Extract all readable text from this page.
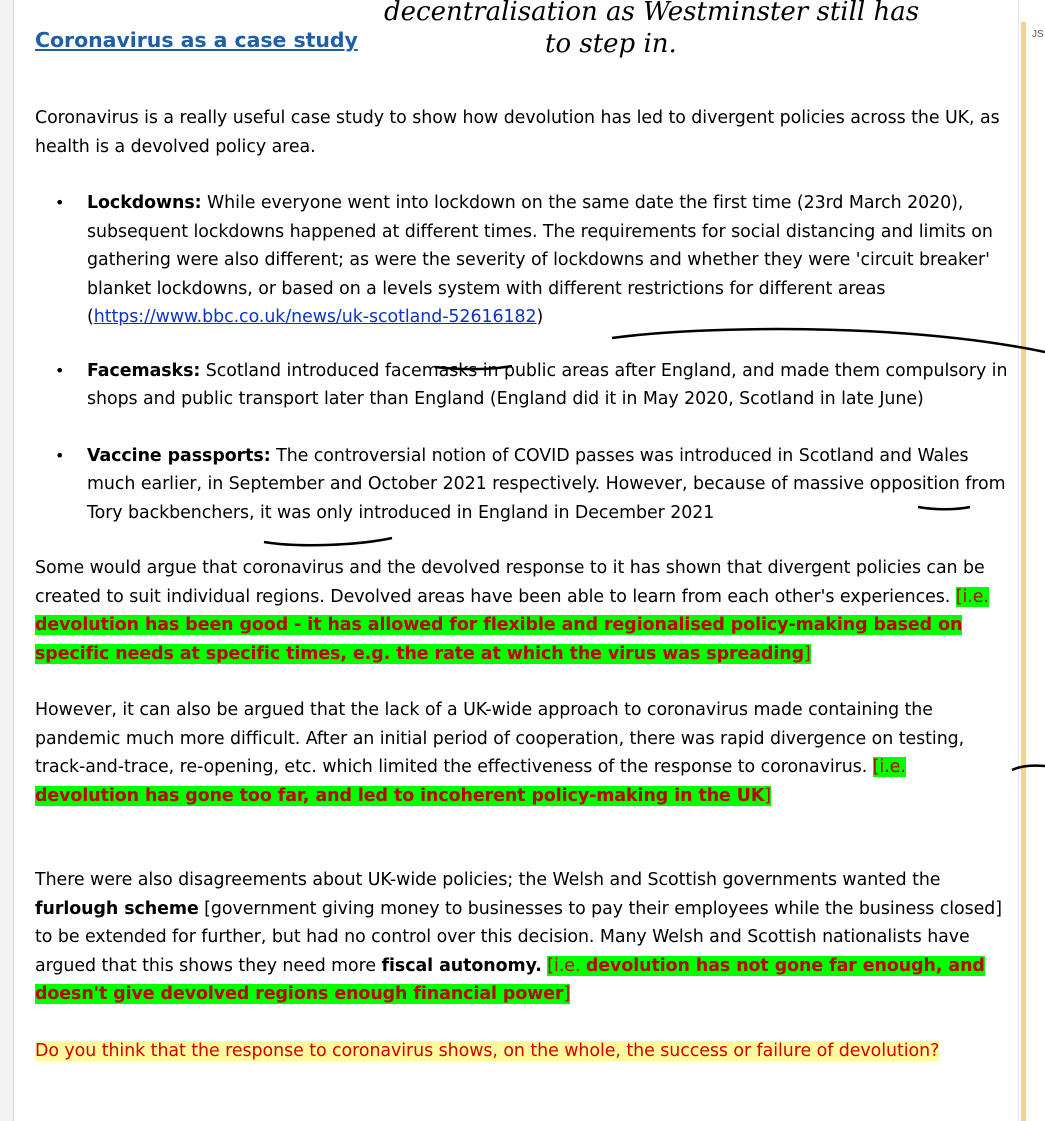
JS

Coronavirus as a case study

Coronavirus is a really useful case study to show how devolution has led to divergent policies across the UK, as health is a devolved policy area.

• Lockdowns: While everyone went into lockdown on the same date the first time (23rd March 2020), subsequent lockdowns happened at different times. The requirements for social distancing and limits on gathering were also different; as were the severity of lockdowns and whether they were 'circuit breaker' blanket lockdowns, or based on a levels system with different restrictions for different areas (https://www.bbc.co.uk/news/uk-scotland-52616182)
• Facemasks: Scotland introduced facemasks in public areas after England, and made them compulsory in shops and public transport later than England (England did it in May 2020, Scotland in late June)
• Vaccine passports: The controversial notion of COVID passes was introduced in Scotland and Wales much earlier, in September and October 2021 respectively. However, because of massive opposition from Tory backbenchers, it was only introduced in England in December 2021

Some would argue that coronavirus and the devolved response to it has shown that divergent policies can be created to suit individual regions. Devolved areas have been able to learn from each other's experiences. [i.e. devolution has been good - it has allowed for flexible and regionalised policy-making based on specific needs at specific times, e.g. the rate at which the virus was spreading]

However, it can also be argued that the lack of a UK-wide approach to coronavirus made containing the pandemic much more difficult. After an initial period of cooperation, there was rapid divergence on testing, track-and-trace, re-opening, etc. which limited the effectiveness of the response to coronavirus. [i.e. devolution has gone too far, and led to incoherent policy-making in the UK]

There were also disagreements about UK-wide policies; the Welsh and Scottish governments wanted the furlough scheme [government giving money to businesses to pay their employees while the business closed] to be extended for further, but had no control over this decision. Many Welsh and Scottish nationalists have argued that this shows they need more fiscal autonomy. [i.e. devolution has not gone far enough, and doesn't give devolved regions enough financial power]

Do you think that the response to coronavirus shows, on the whole, the success or failure of devolution?

decentralisation as Westminster still has
to step in.
